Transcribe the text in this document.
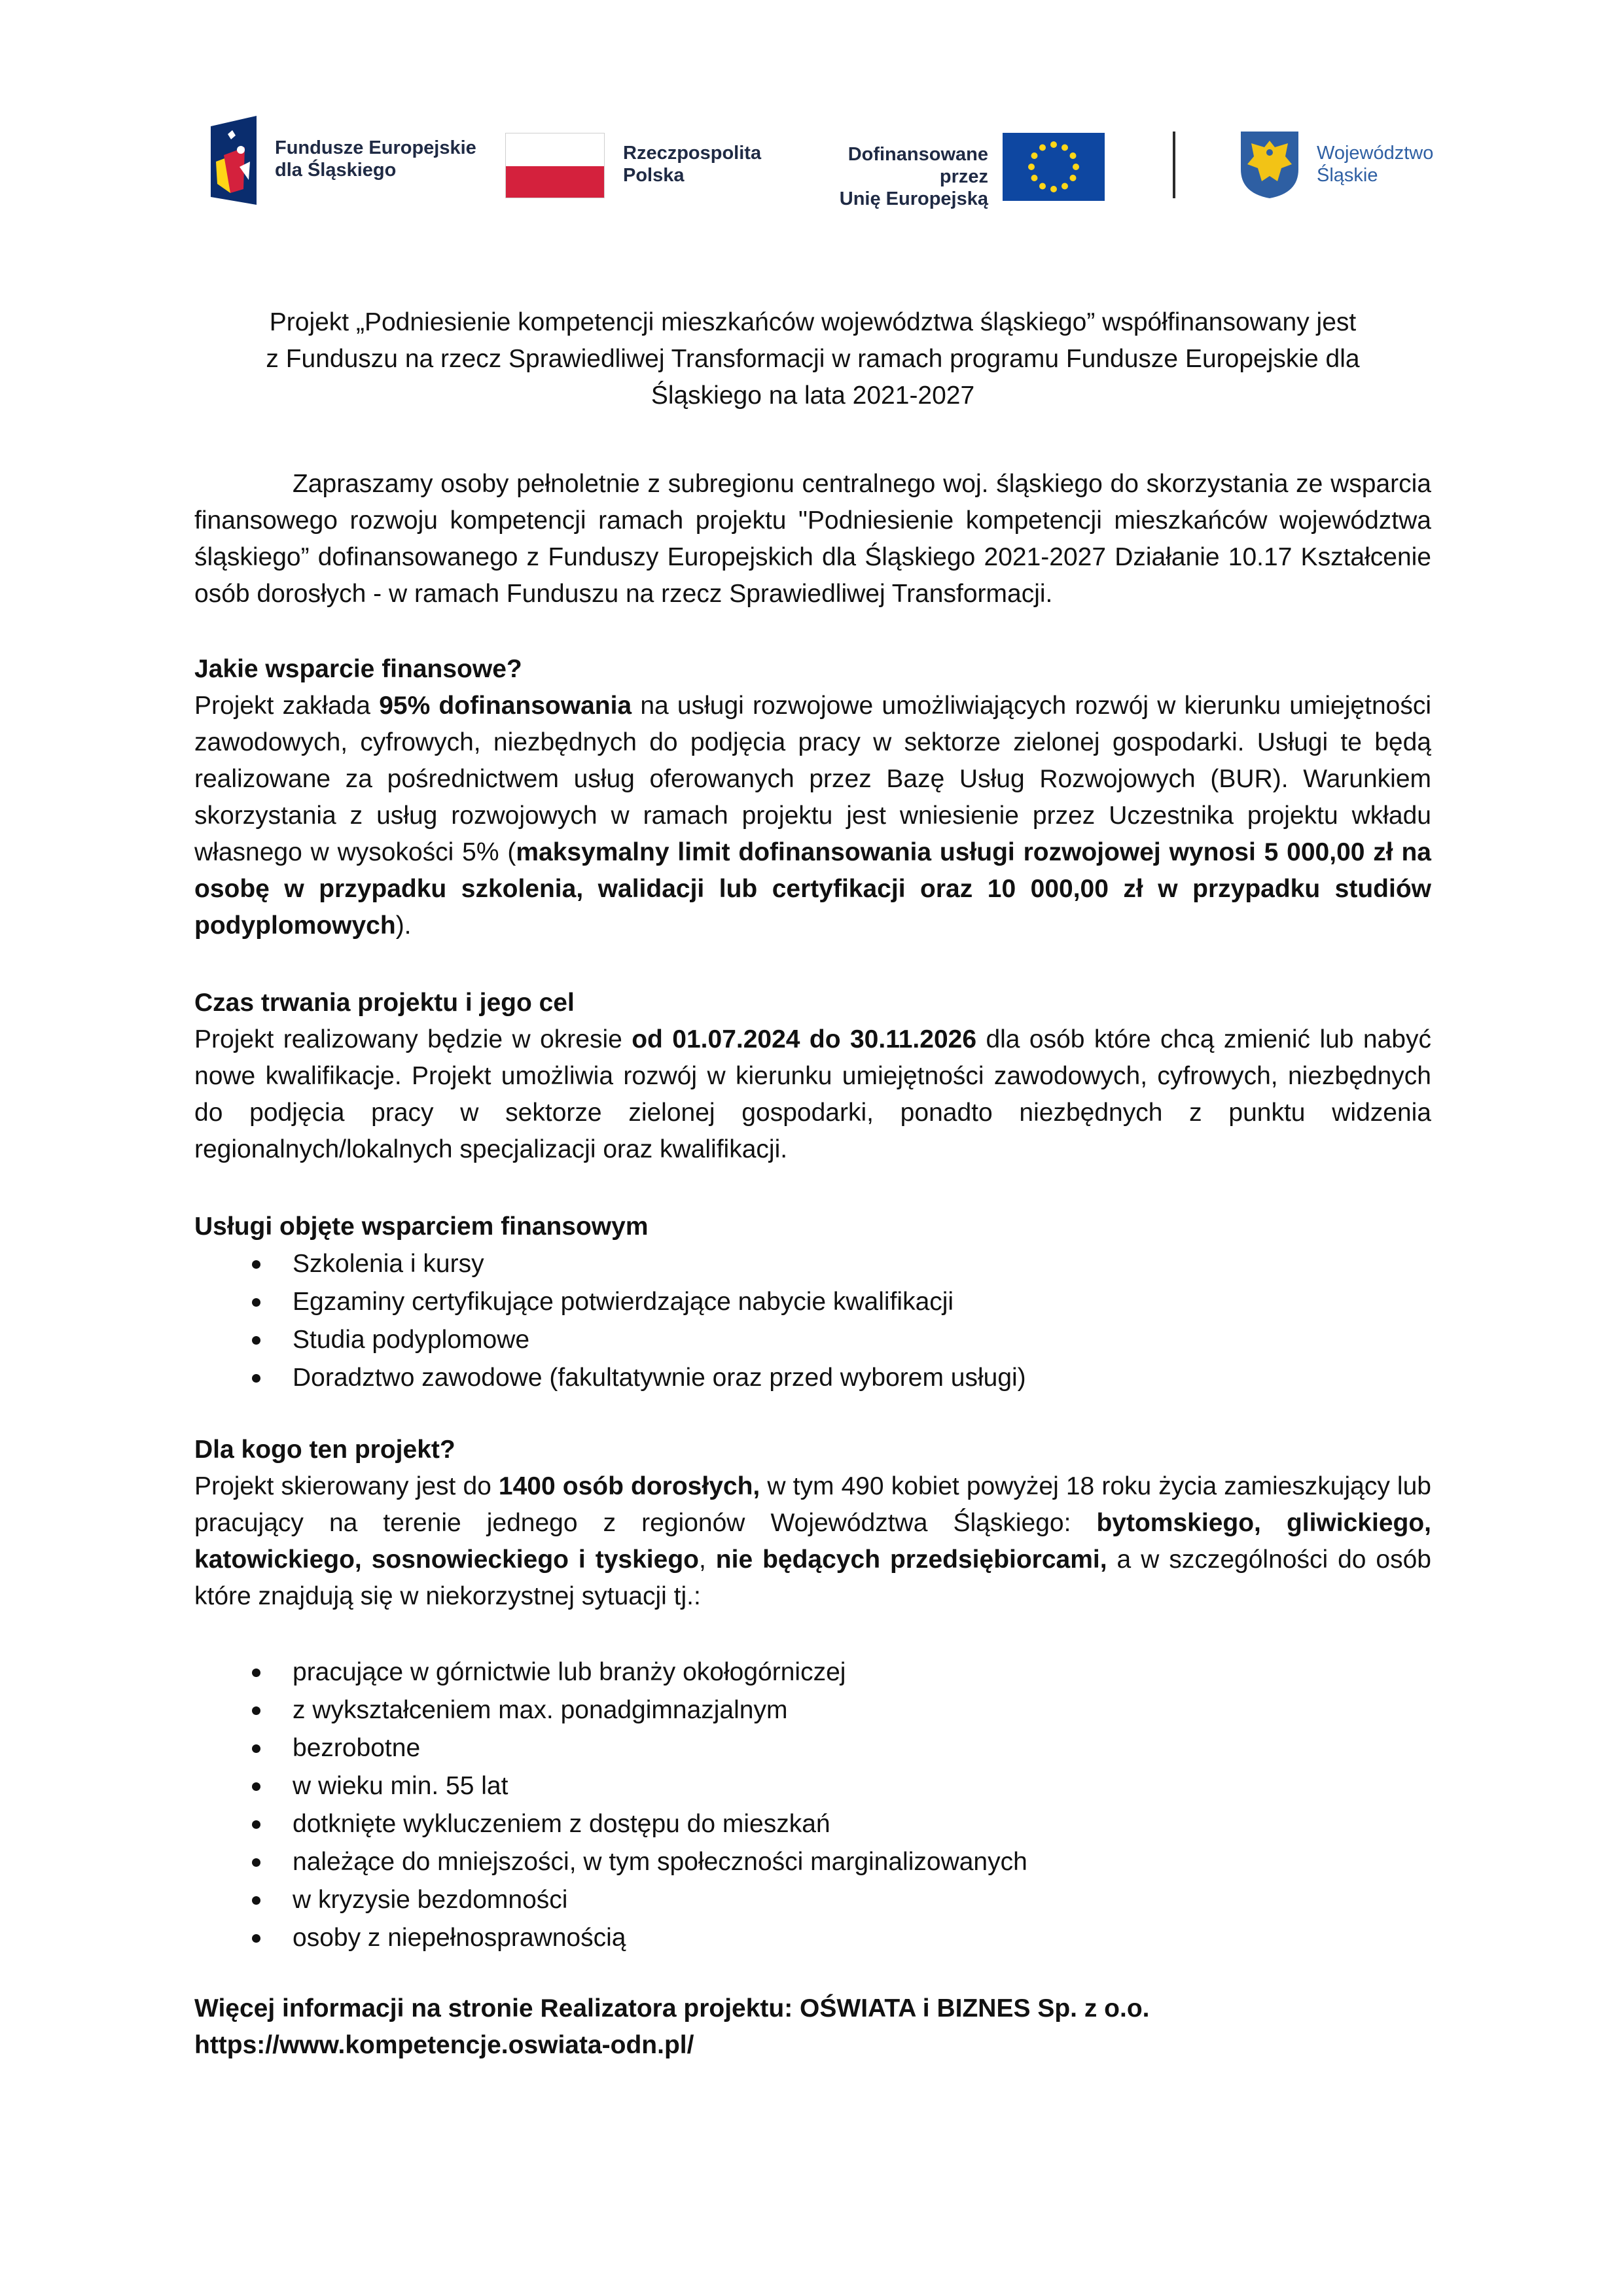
Fundusze Europejskie
dla Śląskiego
Rzeczpospolita
Polska
Dofinansowane przez
Unię Europejską
Województwo
Śląskie
Projekt „Podniesienie kompetencji mieszkańców województwa śląskiego” współfinansowany jest
z Funduszu na rzecz Sprawiedliwej Transformacji w ramach programu Fundusze Europejskie dla
Śląskiego na lata 2021-2027

Zapraszamy osoby pełnoletnie z subregionu centralnego woj. śląskiego do skorzystania ze wsparcia finansowego rozwoju kompetencji ramach projektu "Podniesienie kompetencji mieszkańców województwa śląskiego” dofinansowanego z Funduszy Europejskich dla Śląskiego 2021-2027 Działanie 10.17 Kształcenie osób dorosłych - w ramach Funduszu na rzecz Sprawiedliwej Transformacji.

Jakie wsparcie finansowe?

Projekt zakłada 95% dofinansowania na usługi rozwojowe umożliwiających rozwój w kierunku umiejętności zawodowych, cyfrowych, niezbędnych do podjęcia pracy w sektorze zielonej gospodarki. Usługi te będą realizowane za pośrednictwem usług oferowanych przez Bazę Usług Rozwojowych (BUR). Warunkiem skorzystania z usług rozwojowych w ramach projektu jest wniesienie przez Uczestnika projektu wkładu własnego w wysokości 5% (maksymalny limit dofinansowania usługi rozwojowej wynosi 5 000,00 zł na osobę w przypadku szkolenia, walidacji lub certyfikacji oraz 10 000,00 zł w przypadku studiów podyplomowych).

Czas trwania projektu i jego cel

Projekt realizowany będzie w okresie od 01.07.2024 do 30.11.2026 dla osób które chcą zmienić lub nabyć nowe kwalifikacje. Projekt umożliwia rozwój w kierunku umiejętności zawodowych, cyfrowych, niezbędnych do podjęcia pracy w sektorze zielonej gospodarki, ponadto niezbędnych z punktu widzenia regionalnych/lokalnych specjalizacji oraz kwalifikacji.

Usługi objęte wsparciem finansowym
Szkolenia i kursy
Egzaminy certyfikujące potwierdzające nabycie kwalifikacji
Studia podyplomowe
Doradztwo zawodowe (fakultatywnie oraz przed wyborem usługi)
Dla kogo ten projekt?

Projekt skierowany jest do 1400 osób dorosłych, w tym 490 kobiet powyżej 18 roku życia zamieszkujący lub pracujący na terenie jednego z regionów Województwa Śląskiego: bytomskiego, gliwickiego, katowickiego, sosnowieckiego i tyskiego, nie będących przedsiębiorcami, a w szczególności do osób które znajdują się w niekorzystnej sytuacji tj.:

pracujące w górnictwie lub branży okołogórniczej
z wykształceniem max. ponadgimnazjalnym
bezrobotne
w wieku min. 55 lat
dotknięte wykluczeniem z dostępu do mieszkań
należące do mniejszości, w tym społeczności marginalizowanych
w kryzysie bezdomności
osoby z niepełnosprawnością
Więcej informacji na stronie Realizatora projektu: OŚWIATA i BIZNES Sp. z o.o.
https://www.kompetencje.oswiata-odn.pl/
